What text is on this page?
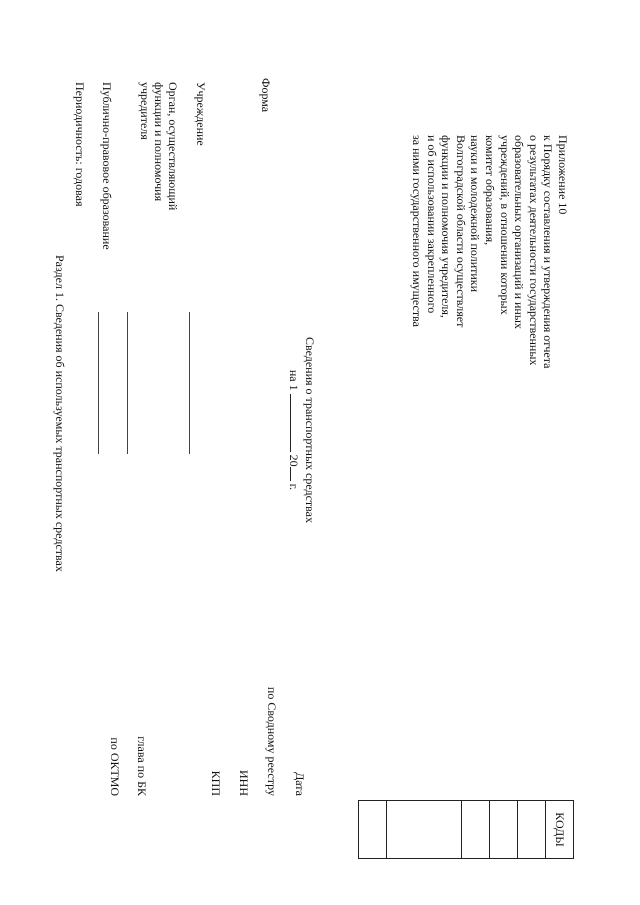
Приложение 10
к Порядку составления и утверждения отчета
о результатах деятельности государственных
образовательных организаций и иных
учреждений, в отношении которых
комитет образования,
науки и молодежной политики
Волгоградской области осуществляет
функции и полномочия учредителя,
и об использовании закрепленного
за ними государственного имущества
Сведения о транспортных средствах
на 1  20 г.
Форма
Учреждение
Орган, осуществляющий
функции и полномочия
учредителя
Публично-правовое образование
Периодичность: годовая
Дата
по Сводному реестру
ИНН
КПП
глава по БК
по ОКТМО
КОДЫ

Раздел 1. Сведения об используемых транспортных средствах
